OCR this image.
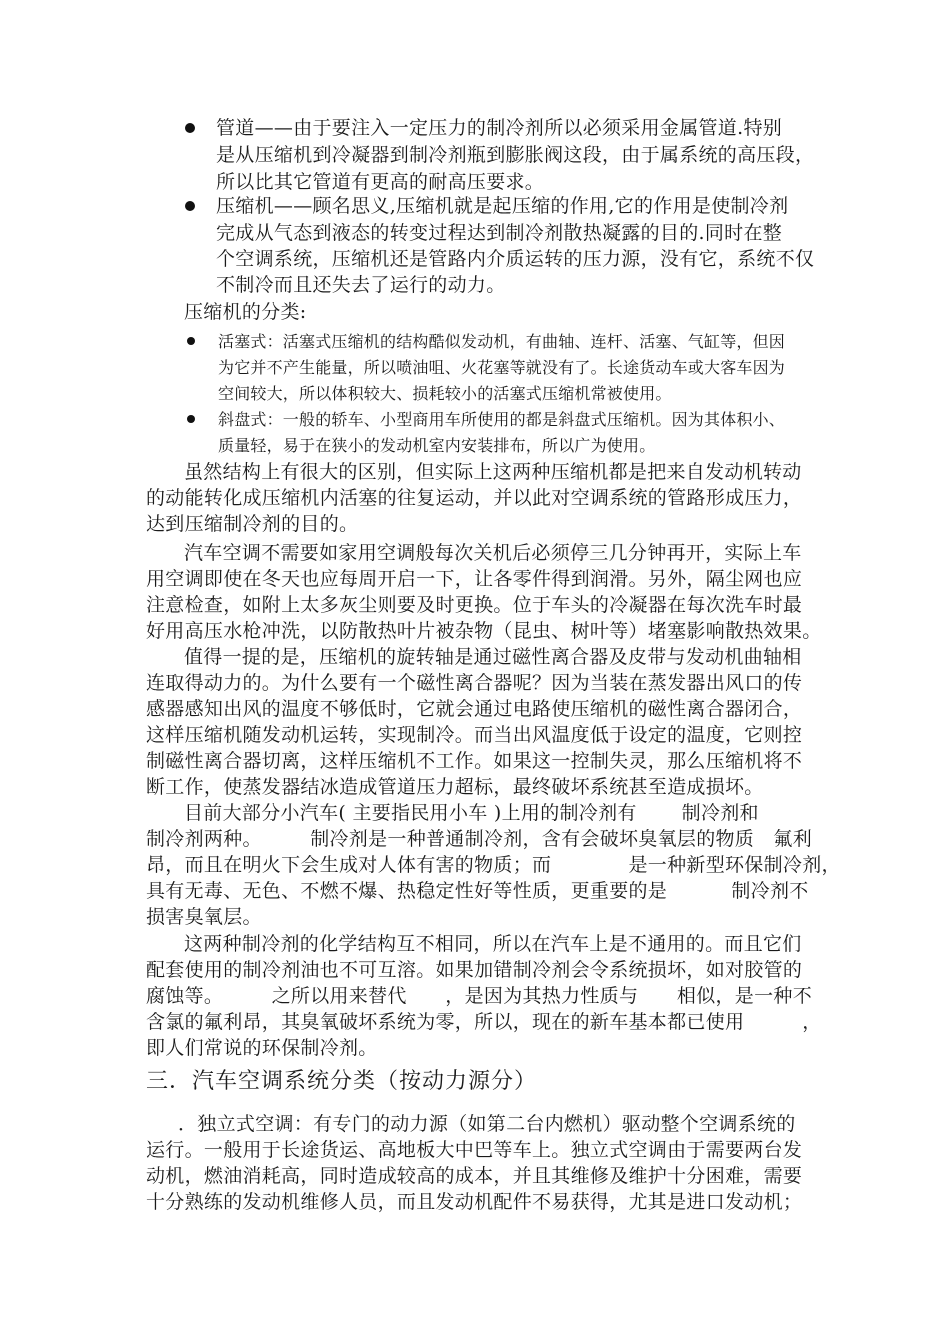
管道——由于要注入一定压力的制冷剂所以必须采用金属管道.特别
是从压缩机到冷凝器到制冷剂瓶到膨胀阀这段，由于属系统的高压段，
所以比其它管道有更高的耐高压要求。
压缩机——顾名思义,压缩机就是起压缩的作用,它的作用是使制冷剂
完成从气态到液态的转变过程达到制冷剂散热凝露的目的.同时在整
个空调系统，压缩机还是管路内介质运转的压力源，没有它，系统不仅
不制冷而且还失去了运行的动力。
压缩机的分类:
活塞式：活塞式压缩机的结构酷似发动机，有曲轴、连杆、活塞、气缸等，但因
为它并不产生能量，所以喷油咀、火花塞等就没有了。长途货动车或大客车因为
空间较大，所以体积较大、损耗较小的活塞式压缩机常被使用。
斜盘式：一般的轿车、小型商用车所使用的都是斜盘式压缩机。因为其体积小、
质量轻，易于在狭小的发动机室内安装排布，所以广为使用。
虽然结构上有很大的区别，但实际上这两种压缩机都是把来自发动机转动
的动能转化成压缩机内活塞的往复运动，并以此对空调系统的管路形成压力，
达到压缩制冷剂的目的。
汽车空调不需要如家用空调般每次关机后必须停三几分钟再开，实际上车
用空调即使在冬天也应每周开启一下，让各零件得到润滑。另外，隔尘网也应
注意检查，如附上太多灰尘则要及时更换。位于车头的冷凝器在每次洗车时最
好用高压水枪冲洗，以防散热叶片被杂物（昆虫、树叶等）堵塞影响散热效果。
值得一提的是，压缩机的旋转轴是通过磁性离合器及皮带与发动机曲轴相
连取得动力的。为什么要有一个磁性离合器呢？因为当装在蒸发器出风口的传
感器感知出风的温度不够低时，它就会通过电路使压缩机的磁性离合器闭合，
这样压缩机随发动机运转，实现制冷。而当出风温度低于设定的温度，它则控
制磁性离合器切离，这样压缩机不工作。如果这一控制失灵，那么压缩机将不
断工作，使蒸发器结冰造成管道压力超标，最终破坏系统甚至造成损坏。
目前大部分小汽车( 主要指民用小车 )上用的制冷剂有　　 制冷剂和
制冷剂两种。　　　制冷剂是一种普通制冷剂，含有会破坏臭氧层的物质　氟利
昂，而且在明火下会生成对人体有害的物质；而　　　　是一种新型环保制冷剂，
具有无毒、无色、不燃不爆、热稳定性好等性质，更重要的是　　　 制冷剂不
损害臭氧层。
这两种制冷剂的化学结构互不相同，所以在汽车上是不通用的。而且它们
配套使用的制冷剂油也不可互溶。如果加错制冷剂会令系统损坏，如对胶管的
腐蚀等。　　　之所以用来替代　　，是因为其热力性质与　　相似，是一种不
含氯的氟利昂，其臭氧破坏系统为零，所以，现在的新车基本都已使用　　　，
即人们常说的环保制冷剂。
三．汽车空调系统分类（按动力源分）
．独立式空调：有专门的动力源（如第二台内燃机）驱动整个空调系统的
运行。一般用于长途货运、高地板大中巴等车上。独立式空调由于需要两台发
动机，燃油消耗高，同时造成较高的成本，并且其维修及维护十分困难，需要
十分熟练的发动机维修人员，而且发动机配件不易获得，尤其是进口发动机；
